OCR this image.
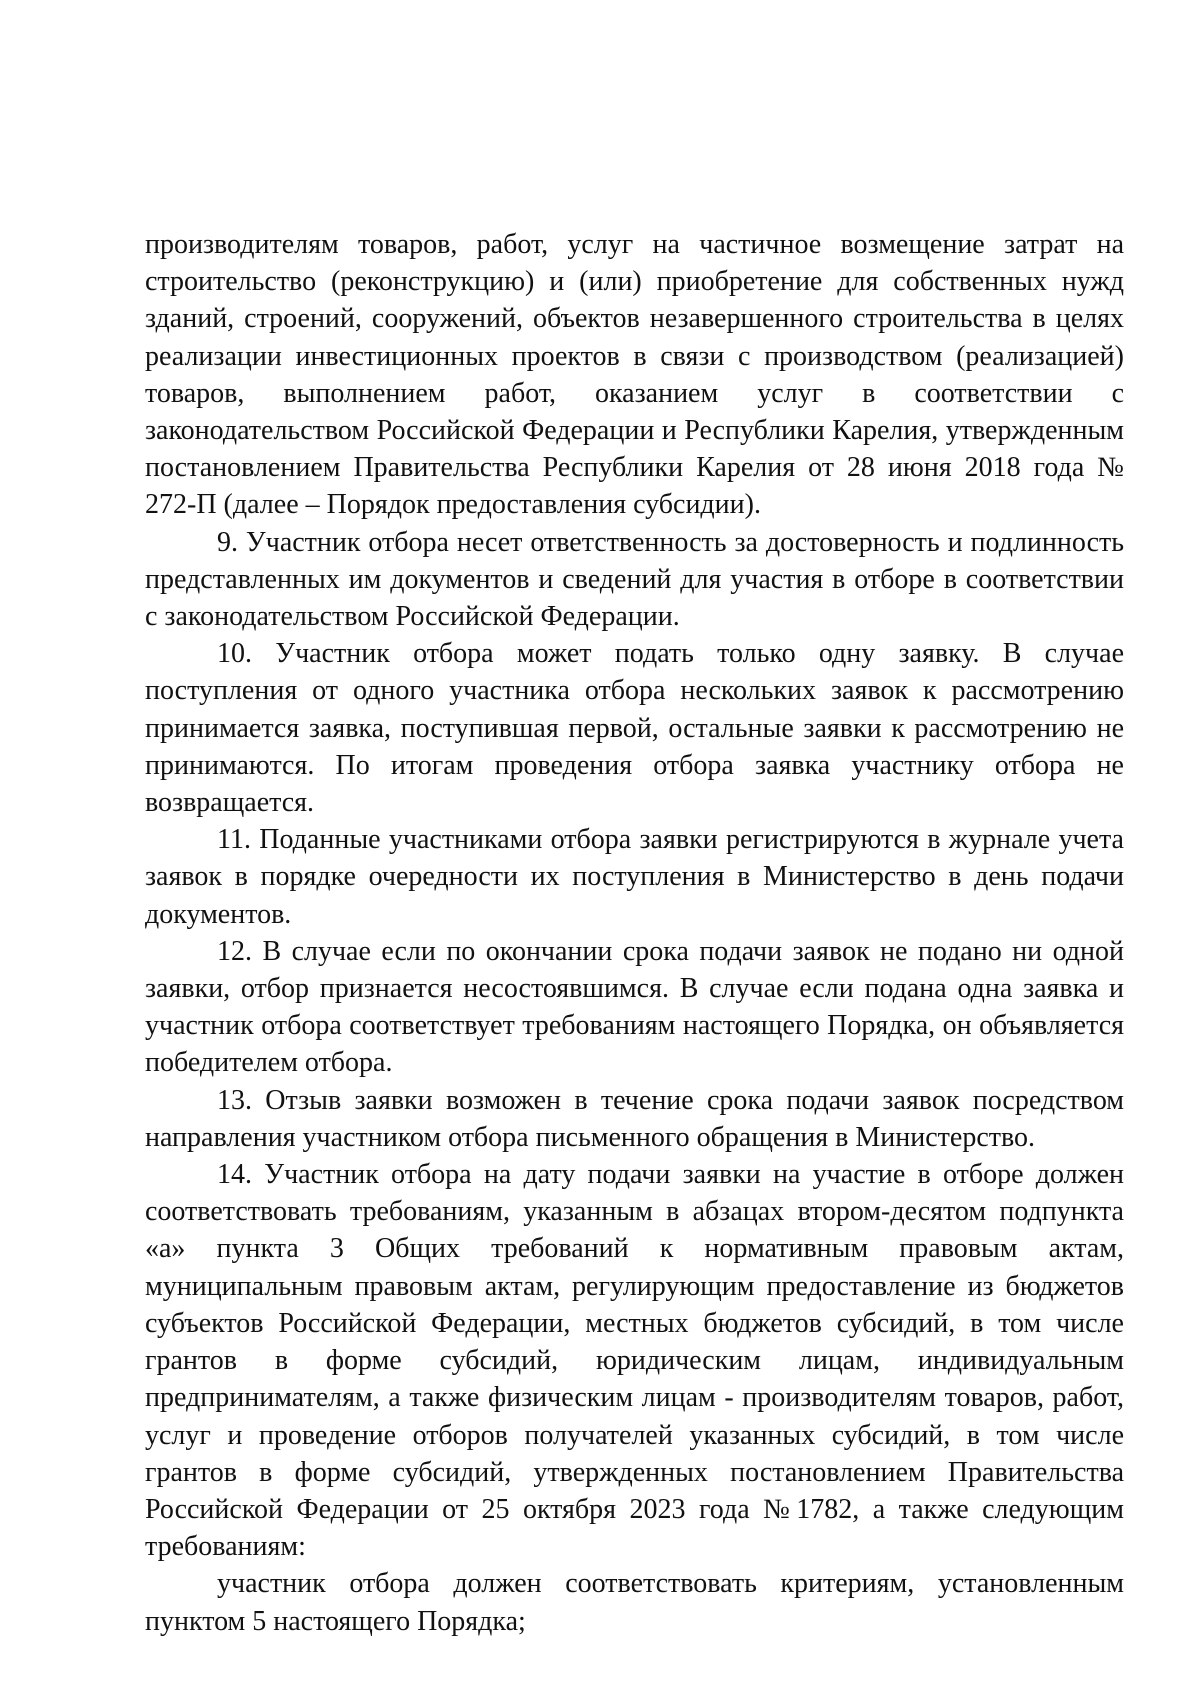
производителям товаров, работ, услуг на частичное возмещение затрат на строительство (реконструкцию) и (или) приобретение для собственных нужд зданий, строений, сооружений, объектов незавершенного строительства в целях реализации инвестиционных проектов в связи с производством (реализацией) товаров, выполнением работ, оказанием услуг в соответствии с законодательством Российской Федерации и Республики Карелия, утвержденным постановлением Правительства Республики Карелия от 28 июня 2018 года № 272-П (далее – Порядок предоставления субсидии).

9. Участник отбора несет ответственность за достоверность и подлинность представленных им документов и сведений для участия в отборе в соответствии с законодательством Российской Федерации.

10. Участник отбора может подать только одну заявку. В случае поступления от одного участника отбора нескольких заявок к рассмотрению принимается заявка, поступившая первой, остальные заявки к рассмотрению не принимаются. По итогам проведения отбора заявка участнику отбора не возвращается.

11. Поданные участниками отбора заявки регистрируются в журнале учета заявок в порядке очередности их поступления в Министерство в день подачи документов.

12. В случае если по окончании срока подачи заявок не подано ни одной заявки, отбор признается несостоявшимся. В случае если подана одна заявка и участник отбора соответствует требованиям настоящего Порядка, он объявляется победителем отбора.

13. Отзыв заявки возможен в течение срока подачи заявок посредством направления участником отбора письменного обращения в Министерство.

14. Участник отбора на дату подачи заявки на участие в отборе должен соответствовать требованиям, указанным в абзацах втором-десятом подпункта «а» пункта 3 Общих требований к нормативным правовым актам, муниципальным правовым актам, регулирующим предоставление из бюджетов субъектов Российской Федерации, местных бюджетов субсидий, в том числе грантов в форме субсидий, юридическим лицам, индивидуальным предпринимателям, а также физическим лицам - производителям товаров, работ, услуг и проведение отборов получателей указанных субсидий, в том числе грантов в форме субсидий, утвержденных постановлением Правительства Российской Федерации от 25 октября 2023 года №1782, а также следующим требованиям:

участник отбора должен соответствовать критериям, установленным пунктом 5 настоящего Порядка;
